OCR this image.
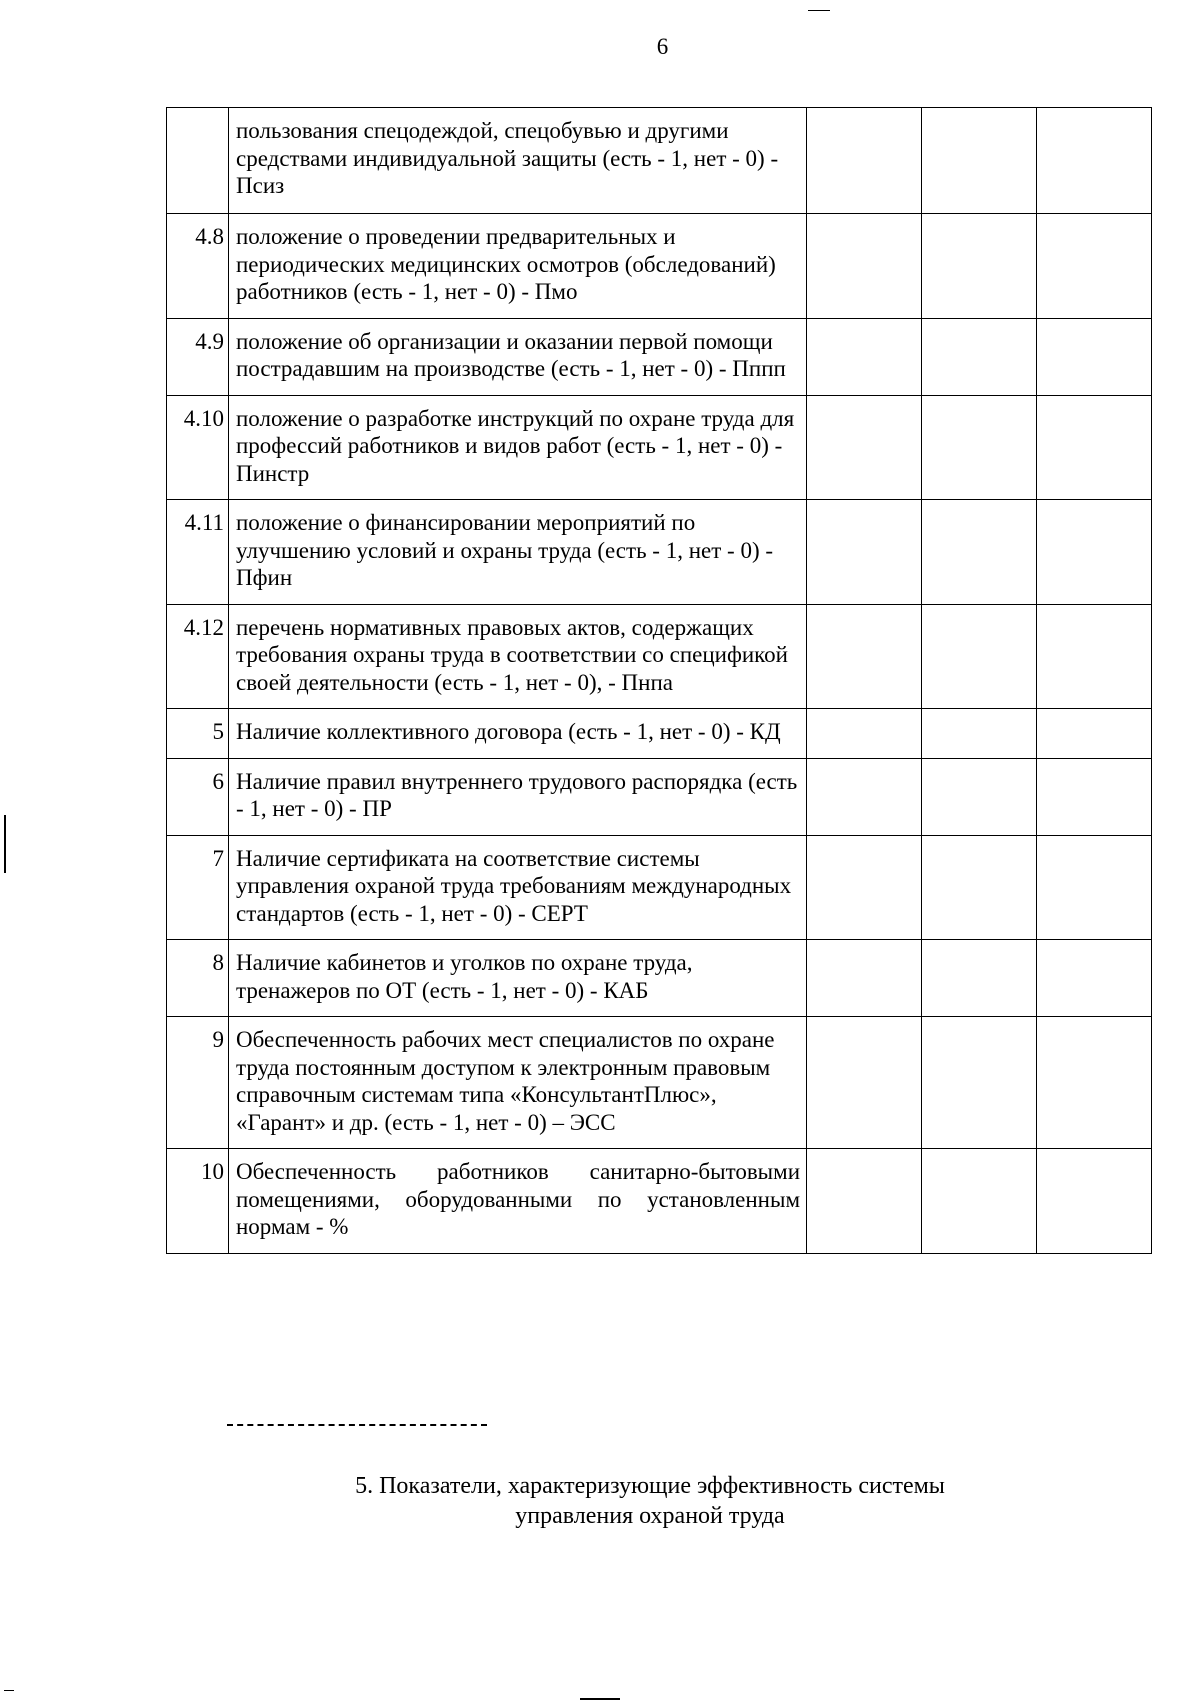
6
	пользования спецодеждой, спецобувью и другими средствами индивидуальной защиты (есть - 1, нет - 0) - Псиз			
4.8	положение о проведении предварительных и периодических медицинских осмотров (обследований) работников (есть - 1, нет - 0) - Пмо			
4.9	положение об организации и оказании первой помощи пострадавшим на производстве (есть - 1, нет - 0) - Пппп			
4.10	положение о разработке инструкций по охране труда для профессий работников и видов работ (есть - 1, нет - 0) - Пинстр			
4.11	положение о финансировании мероприятий по улучшению условий и охраны труда (есть - 1, нет - 0) - Пфин			
4.12	перечень нормативных правовых актов, содержащих требования охраны труда в соответствии со спецификой своей деятельности (есть - 1, нет - 0), - Пнпа			
5	Наличие коллективного договора (есть - 1, нет - 0) - КД			
6	Наличие правил внутреннего трудового распорядка (есть - 1, нет - 0) - ПР			
7	Наличие сертификата на соответствие системы управления охраной труда требованиям международных стандартов (есть - 1, нет - 0) - СЕРТ			
8	Наличие кабинетов и уголков по охране труда, тренажеров по ОТ (есть - 1, нет - 0) - КАБ			
9	Обеспеченность рабочих мест специалистов по охране труда постоянным доступом к электронным правовым справочным системам типа «КонсультантПлюс», «Гарант» и др. (есть - 1, нет - 0) – ЭСС			
10	Обеспеченность работников санитарно-бытовыми помещениями, оборудованными по установленным нормам - %			
5. Показатели, характеризующие эффективность системы управления охраной труда
